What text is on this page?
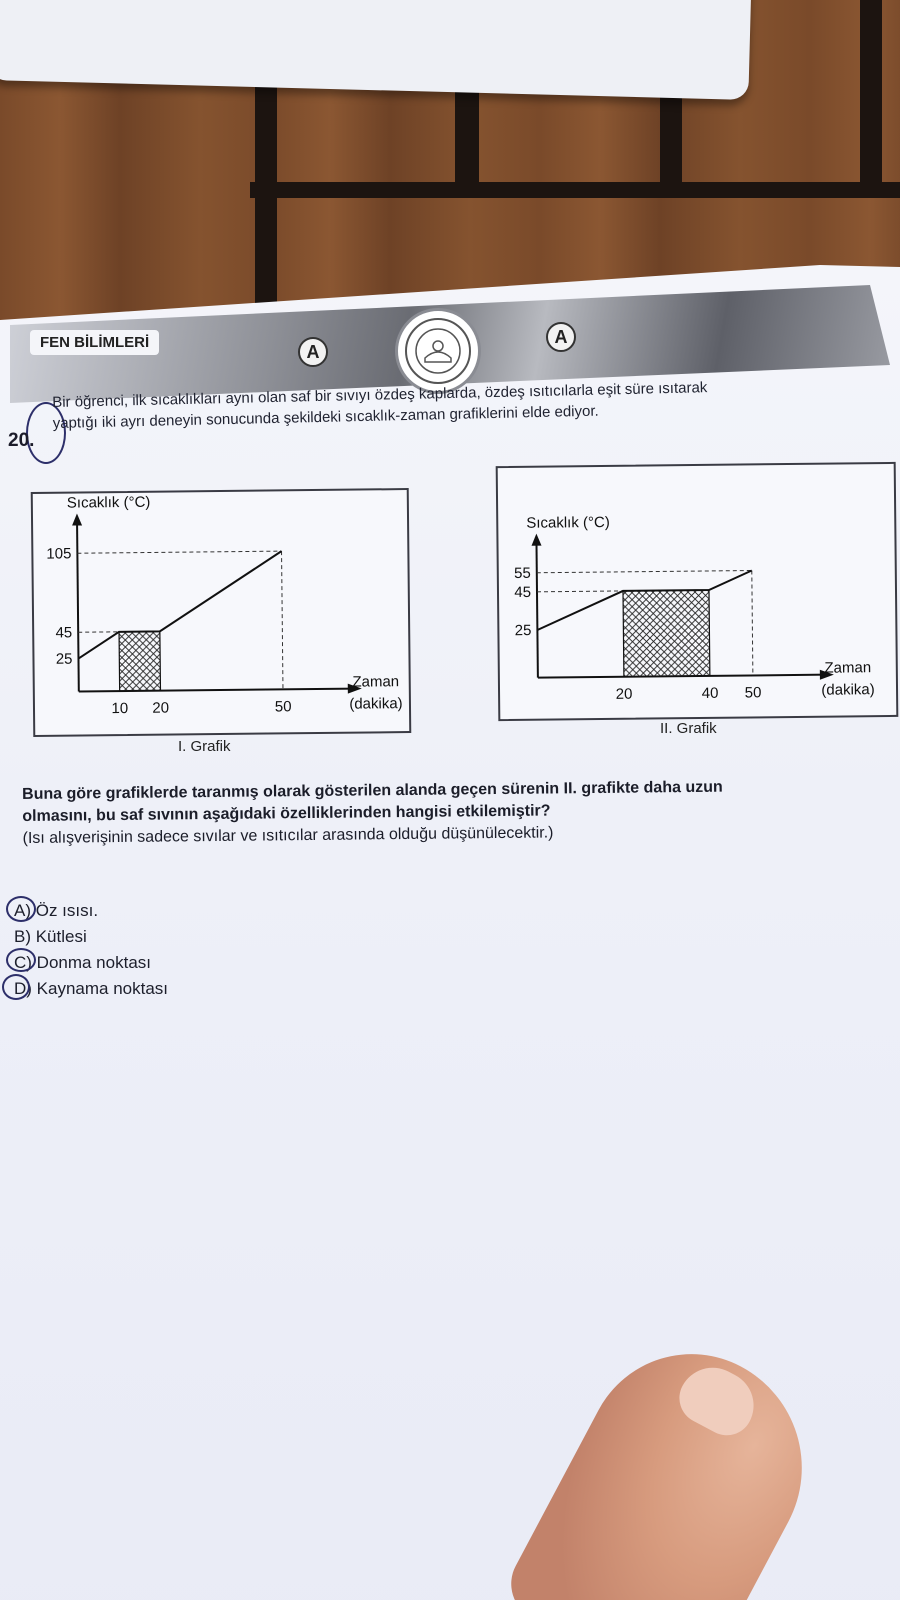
FEN BİLİMLERİ	A
A
20.
Bir öğrenci, ilk sıcaklıkları aynı olan saf bir sıvıyı özdeş kaplarda, özdeş ısıtıcılarla eşit süre ısıtarak
yaptığı iki ayrı deneyin sonucunda şekildeki sıcaklık-zaman grafiklerini elde ediyor.
25
45
105
10 20	50
Sıcaklık (°C)
Zaman
(dakika)
I. Grafik
25
45
55
20	40 50
Sıcaklık (°C)
Zaman
(dakika)
II. Grafik
Buna göre grafiklerde taranmış olarak gösterilen alanda geçen sürenin II. grafikte daha uzun
olmasını, bu saf sıvının aşağıdaki özelliklerinden hangisi etkilemiştir?
(Isı alışverişinin sadece sıvılar ve ısıtıcılar arasında olduğu düşünülecektir.)
A) Öz ısısı.
B) Kütlesi
C) Donma noktası
D) Kaynama noktası
